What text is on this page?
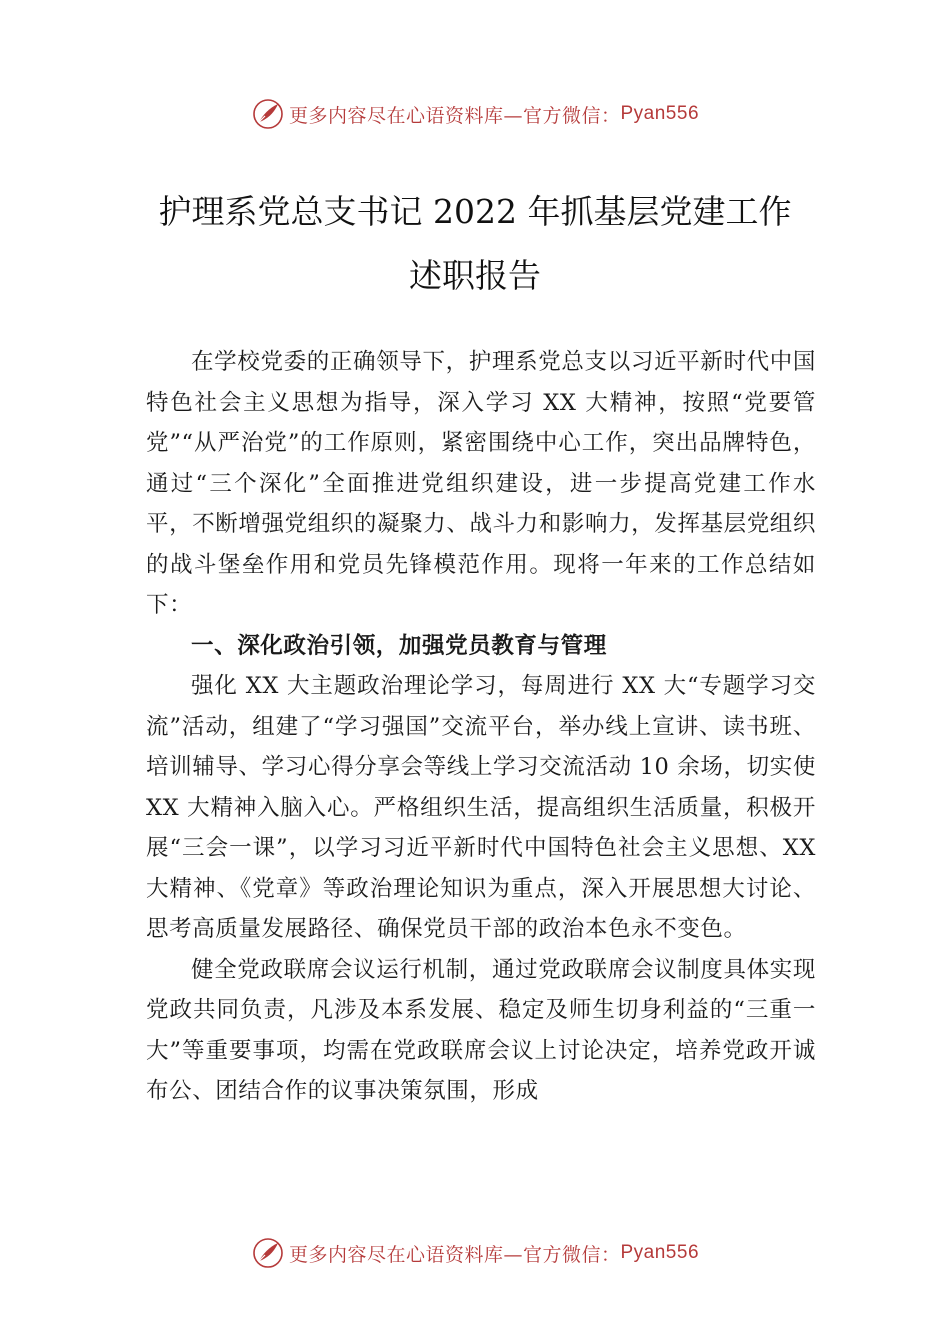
更多内容尽在心语资料库—官方微信： Pyan556
护理系党总支书记 2022 年抓基层党建工作
述职报告

在学校党委的正确领导下，护理系党总支以习近平新时代中国特色社会主义思想为指导，深入学习 XX 大精神，按照“党要管党”“从严治党”的工作原则，紧密围绕中心工作，突出品牌特色，通过“三个深化”全面推进党组织建设，进一步提高党建工作水平，不断增强党组织的凝聚力、战斗力和影响力，发挥基层党组织的战斗堡垒作用和党员先锋模范作用。现将一年来的工作总结如下：

一、深化政治引领，加强党员教育与管理

强化 XX 大主题政治理论学习，每周进行 XX 大“专题学习交流”活动，组建了“学习强国”交流平台，举办线上宣讲、读书班、培训辅导、学习心得分享会等线上学习交流活动 10 余场，切实使 XX 大精神入脑入心。严格组织生活，提高组织生活质量，积极开展“三会一课”，以学习习近平新时代中国特色社会主义思想、XX 大精神、《党章》等政治理论知识为重点，深入开展思想大讨论、思考高质量发展路径、确保党员干部的政治本色永不变色。

健全党政联席会议运行机制，通过党政联席会议制度具体实现党政共同负责，凡涉及本系发展、稳定及师生切身利益的“三重一大”等重要事项，均需在党政联席会议上讨论决定，培养党政开诚布公、团结合作的议事决策氛围，形成

更多内容尽在心语资料库—官方微信： Pyan556
